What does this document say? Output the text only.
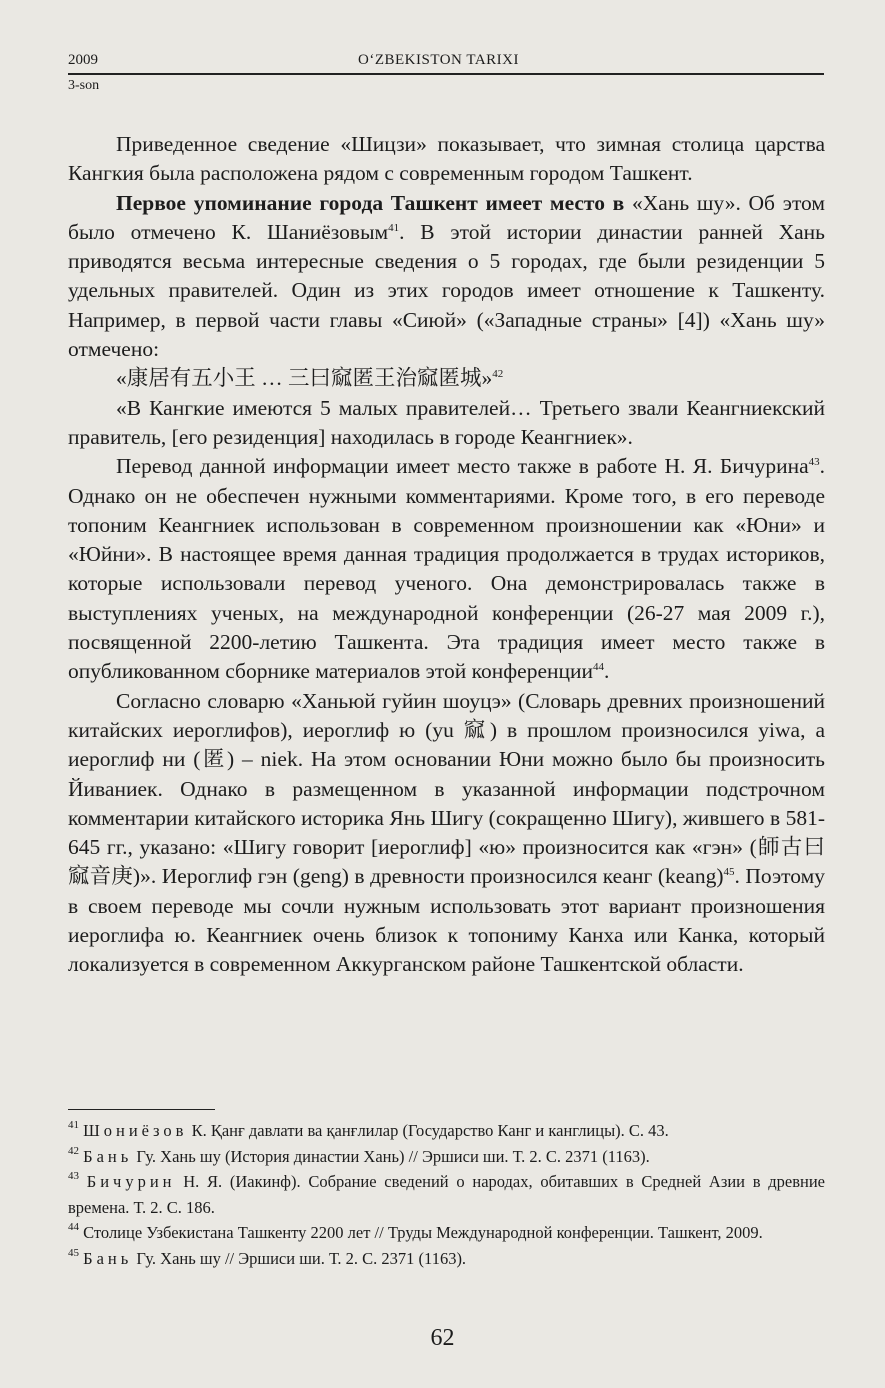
2009	O‘ZBEKISTON TARIXI
3-son

Приведенное сведение «Шицзи» показывает, что зимная столица царства Кангкия была расположена рядом с современным городом Ташкент.

Первое упоминание города Ташкент имеет место в «Хань шу». Об этом было отмечено К. Шаниёзовым$^{41}$. В этой истории династии ранней Хань приводятся весьма интересные сведения о 5 городах, где были резиденции 5 удельных правителей. Один из этих городов имеет отношение к Ташкенту. Например, в первой части главы «Сиюй» («Западные страны» [4]) «Хань шу» отмечено:

«康居有五小王 … 三曰窳匿王治窳匿城»$^{42}$

«В Кангкие имеются 5 малых правителей… Третьего звали Кеангниекский правитель, [его резиденция] находилась в городе Кеангниек».

Перевод данной информации имеет место также в работе Н. Я. Бичурина$^{43}$. Однако он не обеспечен нужными комментариями. Кроме того, в его переводе топоним Кеангниек использован в современном произношении как «Юни» и «Юйни». В настоящее время данная традиция продолжается в трудах историков, которые использовали перевод ученого. Она демонстрировалась также в выступлениях ученых, на международной конференции (26-27 мая 2009 г.), посвященной 2200-летию Ташкента. Эта традиция имеет место также в опубликованном сборнике материалов этой конференции$^{44}$.

Согласно словарю «Ханьюй гуйин шоуцэ» (Словарь древних произношений китайских иероглифов), иероглиф ю (yu 窳) в прошлом произносился yiwa, а иероглиф ни (匿) – niek. На этом основании Юни можно было бы произносить Йиваниек. Однако в размещенном в указанной информации подстрочном комментарии китайского историка Янь Шигу (сокращенно Шигу), жившего в 581-645 гг., указано: «Шигу говорит [иероглиф] «ю» произносится как «гэн» (師古曰窳音庚)». Иероглиф гэн (geng) в древности произносился кеанг (keang)$^{45}$. Поэтому в своем переводе мы сочли нужным использовать этот вариант произношения иероглифа ю. Кеангниек очень близок к топониму Канха или Канка, который локализуется в современном Аккурганском районе Ташкентской области.

$^{41}$ Шониёзов К. Қанғ давлати ва қанғлилар (Государство Канг и канглицы). С. 43.

$^{42}$ Бань Гу. Хань шу (История династии Хань) // Эршиси ши. Т. 2. С. 2371 (1163).

$^{43}$ Бичурин Н. Я. (Иакинф). Собрание сведений о народах, обитавших в Средней Азии в древние времена. Т. 2. С. 186.

$^{44}$ Столице Узбекистана Ташкенту 2200 лет // Труды Международной конференции. Ташкент, 2009.

$^{45}$ Бань Гу. Хань шу // Эршиси ши. Т. 2. С. 2371 (1163).

62
